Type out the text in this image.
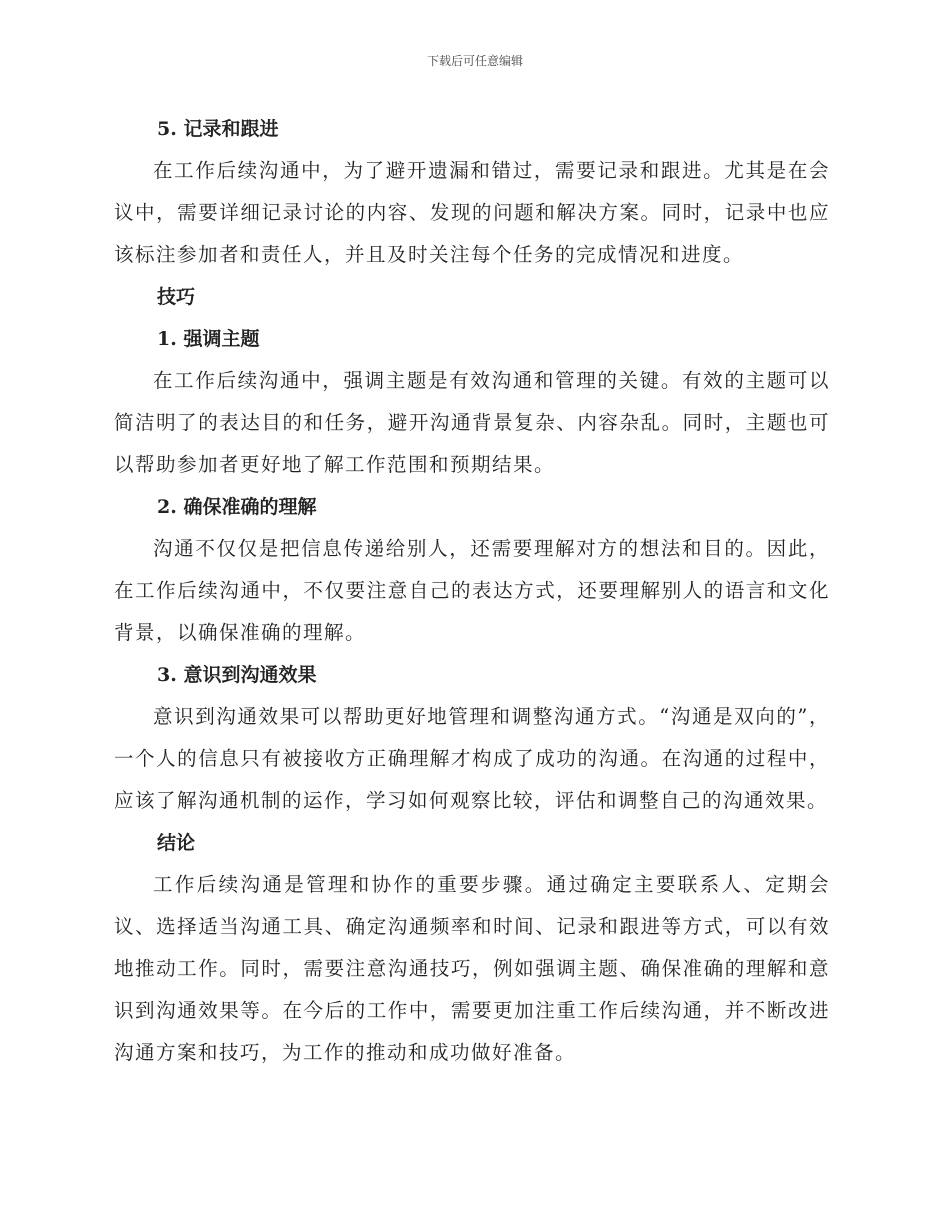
下载后可任意编辑
5. 记录和跟进

在工作后续沟通中，为了避开遗漏和错过，需要记录和跟进。尤其是在会议中，需要详细记录讨论的内容、发现的问题和解决方案。同时，记录中也应该标注参加者和责任人，并且及时关注每个任务的完成情况和进度。

技巧
1. 强调主题

在工作后续沟通中，强调主题是有效沟通和管理的关键。有效的主题可以简洁明了的表达目的和任务，避开沟通背景复杂、内容杂乱。同时，主题也可以帮助参加者更好地了解工作范围和预期结果。

2. 确保准确的理解

沟通不仅仅是把信息传递给别人，还需要理解对方的想法和目的。因此，在工作后续沟通中，不仅要注意自己的表达方式，还要理解别人的语言和文化背景，以确保准确的理解。

3. 意识到沟通效果

意识到沟通效果可以帮助更好地管理和调整沟通方式。“沟通是双向的”，一个人的信息只有被接收方正确理解才构成了成功的沟通。在沟通的过程中，应该了解沟通机制的运作，学习如何观察比较，评估和调整自己的沟通效果。

结论

工作后续沟通是管理和协作的重要步骤。通过确定主要联系人、定期会议、选择适当沟通工具、确定沟通频率和时间、记录和跟进等方式，可以有效地推动工作。同时，需要注意沟通技巧，例如强调主题、确保准确的理解和意识到沟通效果等。在今后的工作中，需要更加注重工作后续沟通，并不断改进沟通方案和技巧，为工作的推动和成功做好准备。
